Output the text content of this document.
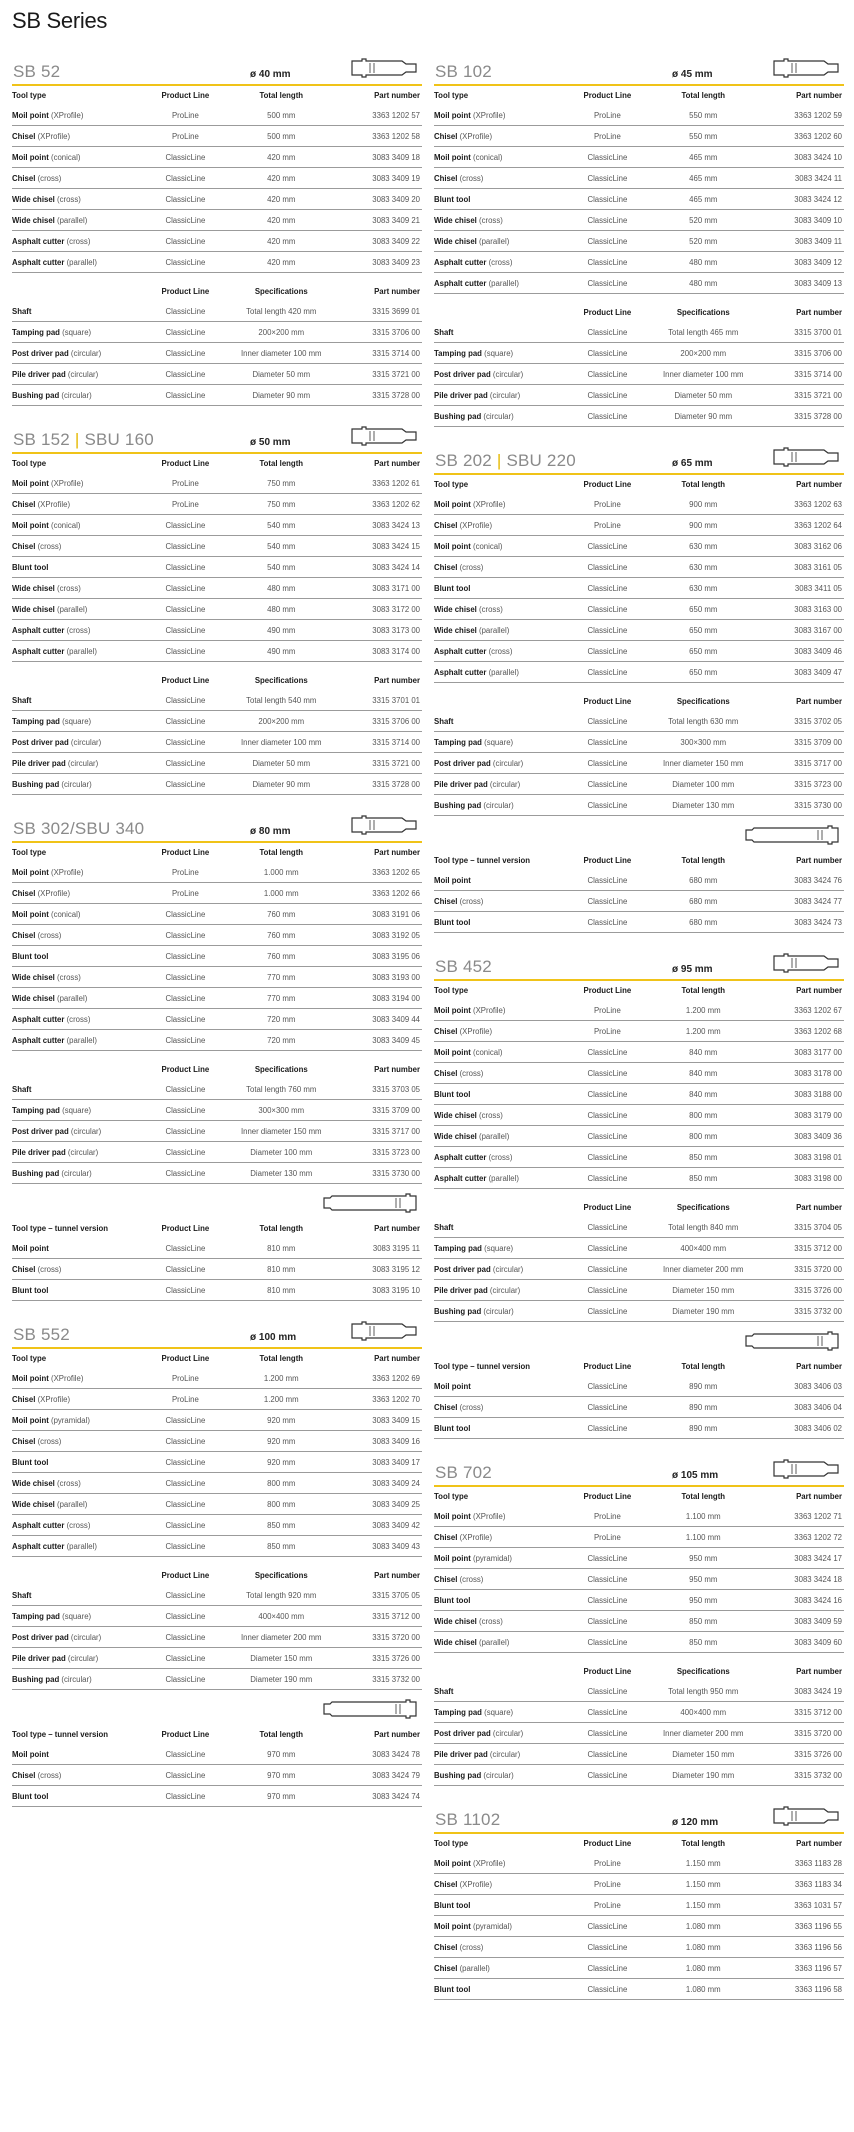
SB Series
SB 52	ø 40 mm
Tool type	Product Line	Total length	Part number
Moil point (XProfile)	ProLine	500 mm	3363 1202 57
Chisel (XProfile)	ProLine	500 mm	3363 1202 58
Moil point (conical)	ClassicLine	420 mm	3083 3409 18
Chisel (cross)	ClassicLine	420 mm	3083 3409 19
Wide chisel (cross)	ClassicLine	420 mm	3083 3409 20
Wide chisel (parallel)	ClassicLine	420 mm	3083 3409 21
Asphalt cutter (cross)	ClassicLine	420 mm	3083 3409 22
Asphalt cutter (parallel)	ClassicLine	420 mm	3083 3409 23
	Product Line	Specifications	Part number
Shaft	ClassicLine	Total length 420 mm	3315 3699 01
Tamping pad (square)	ClassicLine	200×200 mm	3315 3706 00
Post driver pad (circular)	ClassicLine	Inner diameter 100 mm	3315 3714 00
Pile driver pad (circular)	ClassicLine	Diameter 50 mm	3315 3721 00
Bushing pad (circular)	ClassicLine	Diameter 90 mm	3315 3728 00
SB 152 | SBU 160	ø 50 mm
Tool type	Product Line	Total length	Part number
Moil point (XProfile)	ProLine	750 mm	3363 1202 61
Chisel (XProfile)	ProLine	750 mm	3363 1202 62
Moil point (conical)	ClassicLine	540 mm	3083 3424 13
Chisel (cross)	ClassicLine	540 mm	3083 3424 15
Blunt tool	ClassicLine	540 mm	3083 3424 14
Wide chisel (cross)	ClassicLine	480 mm	3083 3171 00
Wide chisel (parallel)	ClassicLine	480 mm	3083 3172 00
Asphalt cutter (cross)	ClassicLine	490 mm	3083 3173 00
Asphalt cutter (parallel)	ClassicLine	490 mm	3083 3174 00
	Product Line	Specifications	Part number
Shaft	ClassicLine	Total length 540 mm	3315 3701 01
Tamping pad (square)	ClassicLine	200×200 mm	3315 3706 00
Post driver pad (circular)	ClassicLine	Inner diameter 100 mm	3315 3714 00
Pile driver pad (circular)	ClassicLine	Diameter 50 mm	3315 3721 00
Bushing pad (circular)	ClassicLine	Diameter 90 mm	3315 3728 00
SB 302/SBU 340	ø 80 mm
Tool type	Product Line	Total length	Part number
Moil point (XProfile)	ProLine	1.000 mm	3363 1202 65
Chisel (XProfile)	ProLine	1.000 mm	3363 1202 66
Moil point (conical)	ClassicLine	760 mm	3083 3191 06
Chisel (cross)	ClassicLine	760 mm	3083 3192 05
Blunt tool	ClassicLine	760 mm	3083 3195 06
Wide chisel (cross)	ClassicLine	770 mm	3083 3193 00
Wide chisel (parallel)	ClassicLine	770 mm	3083 3194 00
Asphalt cutter (cross)	ClassicLine	720 mm	3083 3409 44
Asphalt cutter (parallel)	ClassicLine	720 mm	3083 3409 45
	Product Line	Specifications	Part number
Shaft	ClassicLine	Total length 760 mm	3315 3703 05
Tamping pad (square)	ClassicLine	300×300 mm	3315 3709 00
Post driver pad (circular)	ClassicLine	Inner diameter 150 mm	3315 3717 00
Pile driver pad (circular)	ClassicLine	Diameter 100 mm	3315 3723 00
Bushing pad (circular)	ClassicLine	Diameter 130 mm	3315 3730 00
Tool type – tunnel version	Product Line	Total length	Part number
Moil point	ClassicLine	810 mm	3083 3195 11
Chisel (cross)	ClassicLine	810 mm	3083 3195 12
Blunt tool	ClassicLine	810 mm	3083 3195 10
SB 552	ø 100 mm
Tool type	Product Line	Total length	Part number
Moil point (XProfile)	ProLine	1.200 mm	3363 1202 69
Chisel (XProfile)	ProLine	1.200 mm	3363 1202 70
Moil point (pyramidal)	ClassicLine	920 mm	3083 3409 15
Chisel (cross)	ClassicLine	920 mm	3083 3409 16
Blunt tool	ClassicLine	920 mm	3083 3409 17
Wide chisel (cross)	ClassicLine	800 mm	3083 3409 24
Wide chisel (parallel)	ClassicLine	800 mm	3083 3409 25
Asphalt cutter (cross)	ClassicLine	850 mm	3083 3409 42
Asphalt cutter (parallel)	ClassicLine	850 mm	3083 3409 43
	Product Line	Specifications	Part number
Shaft	ClassicLine	Total length 920 mm	3315 3705 05
Tamping pad (square)	ClassicLine	400×400 mm	3315 3712 00
Post driver pad (circular)	ClassicLine	Inner diameter 200 mm	3315 3720 00
Pile driver pad (circular)	ClassicLine	Diameter 150 mm	3315 3726 00
Bushing pad (circular)	ClassicLine	Diameter 190 mm	3315 3732 00
Tool type – tunnel version	Product Line	Total length	Part number
Moil point	ClassicLine	970 mm	3083 3424 78
Chisel (cross)	ClassicLine	970 mm	3083 3424 79
Blunt tool	ClassicLine	970 mm	3083 3424 74
SB 102	ø 45 mm
Tool type	Product Line	Total length	Part number
Moil point (XProfile)	ProLine	550 mm	3363 1202 59
Chisel (XProfile)	ProLine	550 mm	3363 1202 60
Moil point (conical)	ClassicLine	465 mm	3083 3424 10
Chisel (cross)	ClassicLine	465 mm	3083 3424 11
Blunt tool	ClassicLine	465 mm	3083 3424 12
Wide chisel (cross)	ClassicLine	520 mm	3083 3409 10
Wide chisel (parallel)	ClassicLine	520 mm	3083 3409 11
Asphalt cutter (cross)	ClassicLine	480 mm	3083 3409 12
Asphalt cutter (parallel)	ClassicLine	480 mm	3083 3409 13
	Product Line	Specifications	Part number
Shaft	ClassicLine	Total length 465 mm	3315 3700 01
Tamping pad (square)	ClassicLine	200×200 mm	3315 3706 00
Post driver pad (circular)	ClassicLine	Inner diameter 100 mm	3315 3714 00
Pile driver pad (circular)	ClassicLine	Diameter 50 mm	3315 3721 00
Bushing pad (circular)	ClassicLine	Diameter 90 mm	3315 3728 00
SB 202 | SBU 220	ø 65 mm
Tool type	Product Line	Total length	Part number
Moil point (XProfile)	ProLine	900 mm	3363 1202 63
Chisel (XProfile)	ProLine	900 mm	3363 1202 64
Moil point (conical)	ClassicLine	630 mm	3083 3162 06
Chisel (cross)	ClassicLine	630 mm	3083 3161 05
Blunt tool	ClassicLine	630 mm	3083 3411 05
Wide chisel (cross)	ClassicLine	650 mm	3083 3163 00
Wide chisel (parallel)	ClassicLine	650 mm	3083 3167 00
Asphalt cutter (cross)	ClassicLine	650 mm	3083 3409 46
Asphalt cutter (parallel)	ClassicLine	650 mm	3083 3409 47
	Product Line	Specifications	Part number
Shaft	ClassicLine	Total length 630 mm	3315 3702 05
Tamping pad (square)	ClassicLine	300×300 mm	3315 3709 00
Post driver pad (circular)	ClassicLine	Inner diameter 150 mm	3315 3717 00
Pile driver pad (circular)	ClassicLine	Diameter 100 mm	3315 3723 00
Bushing pad (circular)	ClassicLine	Diameter 130 mm	3315 3730 00
Tool type – tunnel version	Product Line	Total length	Part number
Moil point	ClassicLine	680 mm	3083 3424 76
Chisel (cross)	ClassicLine	680 mm	3083 3424 77
Blunt tool	ClassicLine	680 mm	3083 3424 73
SB 452	ø 95 mm
Tool type	Product Line	Total length	Part number
Moil point (XProfile)	ProLine	1.200 mm	3363 1202 67
Chisel (XProfile)	ProLine	1.200 mm	3363 1202 68
Moil point (conical)	ClassicLine	840 mm	3083 3177 00
Chisel (cross)	ClassicLine	840 mm	3083 3178 00
Blunt tool	ClassicLine	840 mm	3083 3188 00
Wide chisel (cross)	ClassicLine	800 mm	3083 3179 00
Wide chisel (parallel)	ClassicLine	800 mm	3083 3409 36
Asphalt cutter (cross)	ClassicLine	850 mm	3083 3198 01
Asphalt cutter (parallel)	ClassicLine	850 mm	3083 3198 00
	Product Line	Specifications	Part number
Shaft	ClassicLine	Total length 840 mm	3315 3704 05
Tamping pad (square)	ClassicLine	400×400 mm	3315 3712 00
Post driver pad (circular)	ClassicLine	Inner diameter 200 mm	3315 3720 00
Pile driver pad (circular)	ClassicLine	Diameter 150 mm	3315 3726 00
Bushing pad (circular)	ClassicLine	Diameter 190 mm	3315 3732 00
Tool type – tunnel version	Product Line	Total length	Part number
Moil point	ClassicLine	890 mm	3083 3406 03
Chisel (cross)	ClassicLine	890 mm	3083 3406 04
Blunt tool	ClassicLine	890 mm	3083 3406 02
SB 702	ø 105 mm
Tool type	Product Line	Total length	Part number
Moil point (XProfile)	ProLine	1.100 mm	3363 1202 71
Chisel (XProfile)	ProLine	1.100 mm	3363 1202 72
Moil point (pyramidal)	ClassicLine	950 mm	3083 3424 17
Chisel (cross)	ClassicLine	950 mm	3083 3424 18
Blunt tool	ClassicLine	950 mm	3083 3424 16
Wide chisel (cross)	ClassicLine	850 mm	3083 3409 59
Wide chisel (parallel)	ClassicLine	850 mm	3083 3409 60
	Product Line	Specifications	Part number
Shaft	ClassicLine	Total length 950 mm	3083 3424 19
Tamping pad (square)	ClassicLine	400×400 mm	3315 3712 00
Post driver pad (circular)	ClassicLine	Inner diameter 200 mm	3315 3720 00
Pile driver pad (circular)	ClassicLine	Diameter 150 mm	3315 3726 00
Bushing pad (circular)	ClassicLine	Diameter 190 mm	3315 3732 00
SB 1102	ø 120 mm
Tool type	Product Line	Total length	Part number
Moil point (XProfile)	ProLine	1.150 mm	3363 1183 28
Chisel (XProfile)	ProLine	1.150 mm	3363 1183 34
Blunt tool	ProLine	1.150 mm	3363 1031 57
Moil point (pyramidal)	ClassicLine	1.080 mm	3363 1196 55
Chisel (cross)	ClassicLine	1.080 mm	3363 1196 56
Chisel (parallel)	ClassicLine	1.080 mm	3363 1196 57
Blunt tool	ClassicLine	1.080 mm	3363 1196 58
